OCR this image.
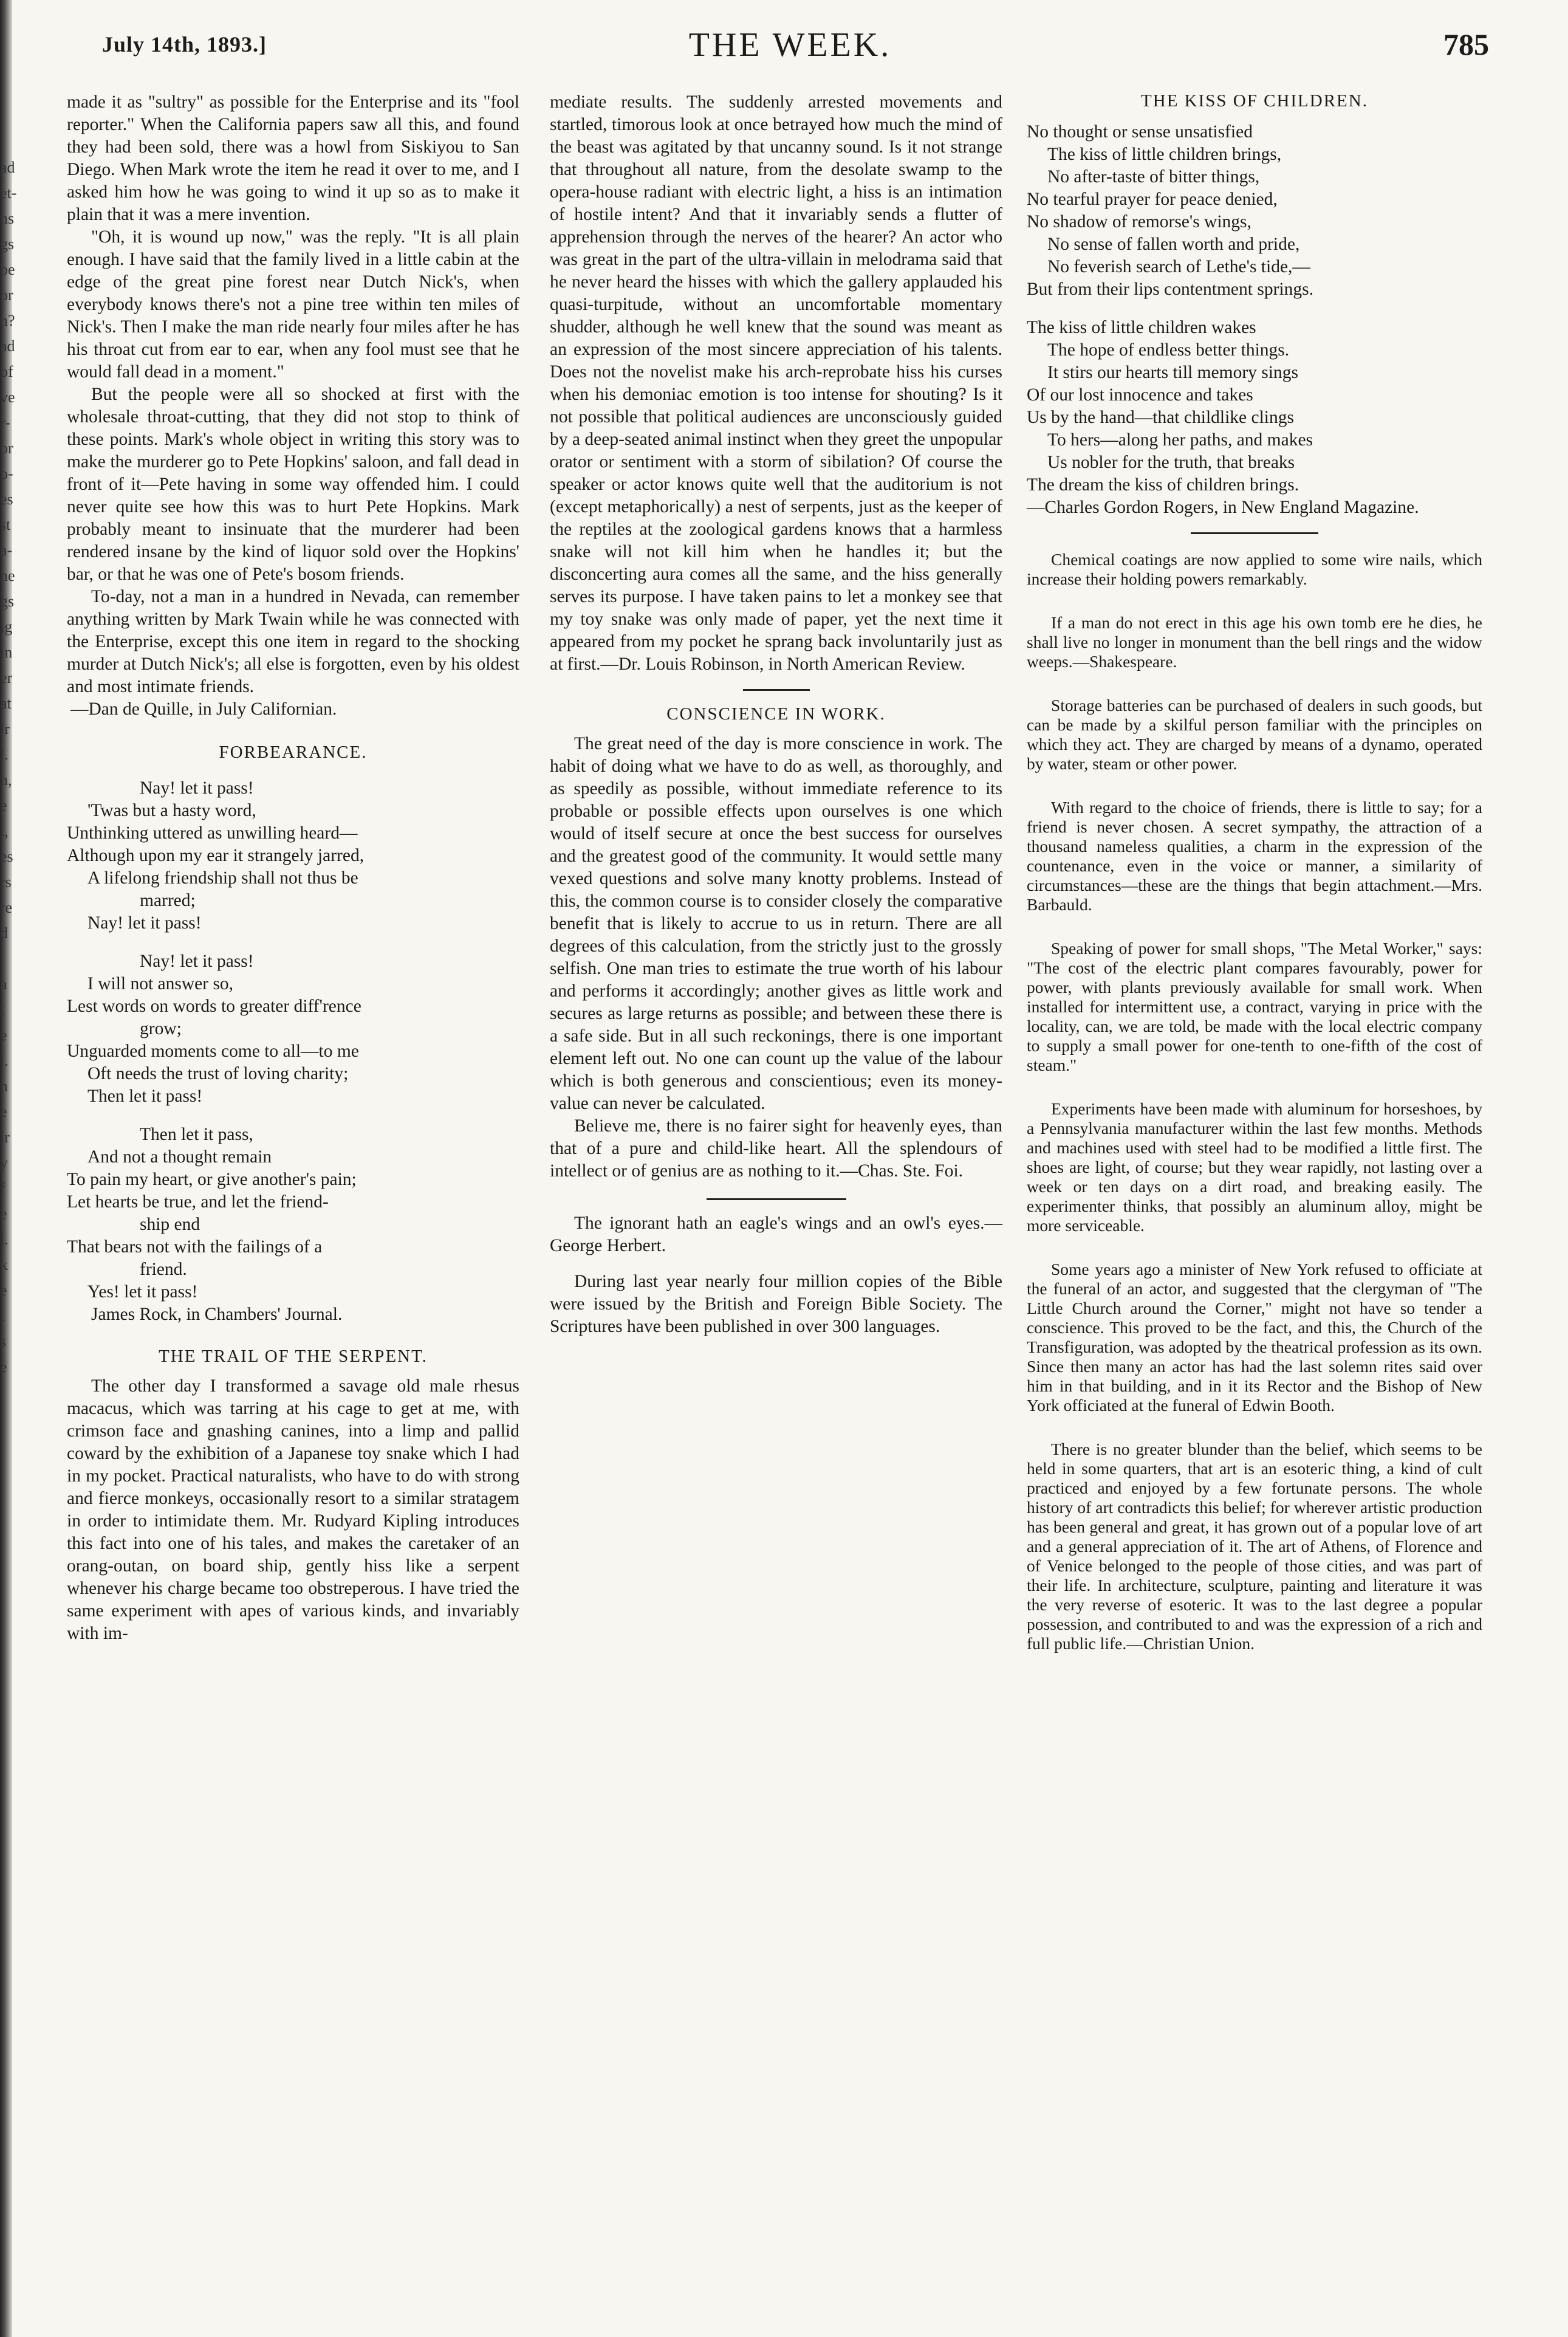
ad
et-
ns
gs
be
or
n?
ad
of
ve
r-
or
o-
es
st
a-
ne
gs
ig
in
er
at
lr
l.
n,
e
t,
es
rs
re
d
a
t
e
i.
n
e
ir
y
f
e
l.
k
e
t
s
e
July 14th, 1893.]	THE WEEK.	785

made it as "sultry" as possible for the Enterprise and its "fool reporter." When the California papers saw all this, and found they had been sold, there was a howl from Siskiyou to San Diego. When Mark wrote the item he read it over to me, and I asked him how he was going to wind it up so as to make it plain that it was a mere invention.

"Oh, it is wound up now," was the reply. "It is all plain enough. I have said that the family lived in a little cabin at the edge of the great pine forest near Dutch Nick's, when everybody knows there's not a pine tree within ten miles of Nick's. Then I make the man ride nearly four miles after he has his throat cut from ear to ear, when any fool must see that he would fall dead in a moment."

But the people were all so shocked at first with the wholesale throat-cutting, that they did not stop to think of these points. Mark's whole object in writing this story was to make the murderer go to Pete Hopkins' saloon, and fall dead in front of it—Pete having in some way offended him. I could never quite see how this was to hurt Pete Hopkins. Mark probably meant to insinuate that the murderer had been rendered insane by the kind of liquor sold over the Hopkins' bar, or that he was one of Pete's bosom friends.

To-day, not a man in a hundred in Nevada, can remember anything written by Mark Twain while he was connected with the Enterprise, except this one item in regard to the shocking murder at Dutch Nick's; all else is forgotten, even by his oldest and most intimate friends.

—Dan de Quille, in July Californian.
FORBEARANCE.
Nay! let it pass!
'Twas but a hasty word,
Unthinking uttered as unwilling heard—
Although upon my ear it strangely jarred,
A lifelong friendship shall not thus be
marred;
Nay! let it pass!
Nay! let it pass!
I will not answer so,
Lest words on words to greater diff'rence
grow;
Unguarded moments come to all—to me
Oft needs the trust of loving charity;
Then let it pass!
Then let it pass,
And not a thought remain
To pain my heart, or give another's pain;
Let hearts be true, and let the friend-
ship end
That bears not with the failings of a
friend.
Yes! let it pass!
James Rock, in Chambers' Journal.
THE TRAIL OF THE SERPENT.

The other day I transformed a savage old male rhesus macacus, which was tarring at his cage to get at me, with crimson face and gnashing canines, into a limp and pallid coward by the exhibition of a Japanese toy snake which I had in my pocket. Practical naturalists, who have to do with strong and fierce monkeys, occasionally resort to a similar stratagem in order to intimidate them. Mr. Rudyard Kipling introduces this fact into one of his tales, and makes the caretaker of an orang-outan, on board ship, gently hiss like a serpent whenever his charge became too obstreperous. I have tried the same experiment with apes of various kinds, and invariably with im-

mediate results. The suddenly arrested movements and startled, timorous look at once betrayed how much the mind of the beast was agitated by that uncanny sound. Is it not strange that throughout all nature, from the desolate swamp to the opera-house radiant with electric light, a hiss is an intimation of hostile intent? And that it invariably sends a flutter of apprehension through the nerves of the hearer? An actor who was great in the part of the ultra-villain in melodrama said that he never heard the hisses with which the gallery applauded his quasi-turpitude, without an uncomfortable momentary shudder, although he well knew that the sound was meant as an expression of the most sincere appreciation of his talents. Does not the novelist make his arch-reprobate hiss his curses when his demoniac emotion is too intense for shouting? Is it not possible that political audiences are unconsciously guided by a deep-seated animal instinct when they greet the unpopular orator or sentiment with a storm of sibilation? Of course the speaker or actor knows quite well that the auditorium is not (except metaphorically) a nest of serpents, just as the keeper of the reptiles at the zoological gardens knows that a harmless snake will not kill him when he handles it; but the disconcerting aura comes all the same, and the hiss generally serves its purpose. I have taken pains to let a monkey see that my toy snake was only made of paper, yet the next time it appeared from my pocket he sprang back involuntarily just as at first.—Dr. Louis Robinson, in North American Review.

CONSCIENCE IN WORK.

The great need of the day is more conscience in work. The habit of doing what we have to do as well, as thoroughly, and as speedily as possible, without immediate reference to its probable or possible effects upon ourselves is one which would of itself secure at once the best success for ourselves and the greatest good of the community. It would settle many vexed questions and solve many knotty problems. Instead of this, the common course is to consider closely the comparative benefit that is likely to accrue to us in return. There are all degrees of this calculation, from the strictly just to the grossly selfish. One man tries to estimate the true worth of his labour and performs it accordingly; another gives as little work and secures as large returns as possible; and between these there is a safe side. But in all such reckonings, there is one important element left out. No one can count up the value of the labour which is both generous and conscientious; even its money-value can never be calculated.

Believe me, there is no fairer sight for heavenly eyes, than that of a pure and child-like heart. All the splendours of intellect or of genius are as nothing to it.—Chas. Ste. Foi.

The ignorant hath an eagle's wings and an owl's eyes.—George Herbert.

During last year nearly four million copies of the Bible were issued by the British and Foreign Bible Society. The Scriptures have been published in over 300 languages.

THE KISS OF CHILDREN.
No thought or sense unsatisfied
The kiss of little children brings,
No after-taste of bitter things,
No tearful prayer for peace denied,
No shadow of remorse's wings,
No sense of fallen worth and pride,
No feverish search of Lethe's tide,—
But from their lips contentment springs.
The kiss of little children wakes
The hope of endless better things.
It stirs our hearts till memory sings
Of our lost innocence and takes
Us by the hand—that childlike clings
To hers—along her paths, and makes
Us nobler for the truth, that breaks
The dream the kiss of children brings.
—Charles Gordon Rogers, in New England Magazine.

Chemical coatings are now applied to some wire nails, which increase their holding powers remarkably.

If a man do not erect in this age his own tomb ere he dies, he shall live no longer in monument than the bell rings and the widow weeps.—Shakespeare.

Storage batteries can be purchased of dealers in such goods, but can be made by a skilful person familiar with the principles on which they act. They are charged by means of a dynamo, operated by water, steam or other power.

With regard to the choice of friends, there is little to say; for a friend is never chosen. A secret sympathy, the attraction of a thousand nameless qualities, a charm in the expression of the countenance, even in the voice or manner, a similarity of circumstances—these are the things that begin attachment.—Mrs. Barbauld.

Speaking of power for small shops, "The Metal Worker," says: "The cost of the electric plant compares favourably, power for power, with plants previously available for small work. When installed for intermittent use, a contract, varying in price with the locality, can, we are told, be made with the local electric company to supply a small power for one-tenth to one-fifth of the cost of steam."

Experiments have been made with aluminum for horseshoes, by a Pennsylvania manufacturer within the last few months. Methods and machines used with steel had to be modified a little first. The shoes are light, of course; but they wear rapidly, not lasting over a week or ten days on a dirt road, and breaking easily. The experimenter thinks, that possibly an aluminum alloy, might be more serviceable.

Some years ago a minister of New York refused to officiate at the funeral of an actor, and suggested that the clergyman of "The Little Church around the Corner," might not have so tender a conscience. This proved to be the fact, and this, the Church of the Transfiguration, was adopted by the theatrical profession as its own. Since then many an actor has had the last solemn rites said over him in that building, and in it its Rector and the Bishop of New York officiated at the funeral of Edwin Booth.

There is no greater blunder than the belief, which seems to be held in some quarters, that art is an esoteric thing, a kind of cult practiced and enjoyed by a few fortunate persons. The whole history of art contradicts this belief; for wherever artistic production has been general and great, it has grown out of a popular love of art and a general appreciation of it. The art of Athens, of Florence and of Venice belonged to the people of those cities, and was part of their life. In architecture, sculpture, painting and literature it was the very reverse of esoteric. It was to the last degree a popular possession, and contributed to and was the expression of a rich and full public life.—Christian Union.
